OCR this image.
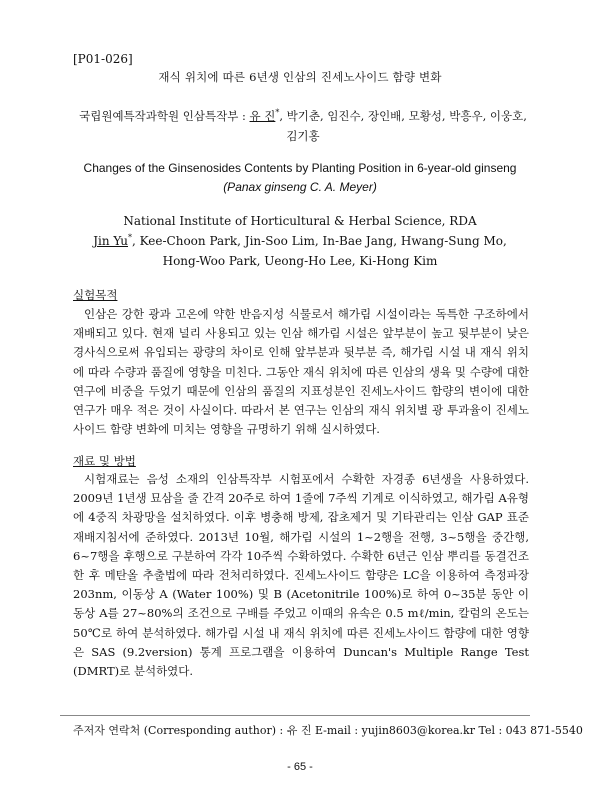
[P01-026]
재식 위치에 따른 6년생 인삼의 진세노사이드 함량 변화
국립원예특작과학원 인삼특작부 : 유 진*, 박기춘, 임진수, 장인배, 모황성, 박흥우, 이웅호, 김기홍
Changes of the Ginsenosides Contents by Planting Position in 6-year-old ginseng
(Panax ginseng C. A. Meyer)
National Institute of Horticultural & Herbal Science, RDA
Jin Yu*, Kee-Choon Park, Jin-Soo Lim, In-Bae Jang, Hwang-Sung Mo,
Hong-Woo Park, Ueong-Ho Lee, Ki-Hong Kim
실험목적

인삼은 강한 광과 고온에 약한 반음지성 식물로서 해가림 시설이라는 독특한 구조하에서 재배되고 있다. 현재 널리 사용되고 있는 인삼 해가림 시설은 앞부분이 높고 뒷부분이 낮은 경사식으로써 유입되는 광량의 차이로 인해 앞부분과 뒷부분 즉, 해가림 시설 내 재식 위치에 따라 수량과 품질에 영향을 미친다. 그동안 재식 위치에 따른 인삼의 생육 및 수량에 대한 연구에 비중을 두었기 때문에 인삼의 품질의 지표성분인 진세노사이드 함량의 변이에 대한 연구가 매우 적은 것이 사실이다. 따라서 본 연구는 인삼의 재식 위치별 광 투과율이 진세노사이드 함량 변화에 미치는 영향을 규명하기 위해 실시하였다.

재료 및 방법

시험재료는 음성 소재의 인삼특작부 시험포에서 수확한 자경종 6년생을 사용하였다. 2009년 1년생 묘삼을 줄 간격 20주로 하여 1줄에 7주씩 기계로 이식하였고, 해가림 A유형에 4중직 차광망을 설치하였다. 이후 병충해 방제, 잡초제거 및 기타관리는 인삼 GAP 표준재배지침서에 준하였다. 2013년 10월, 해가림 시설의 1~2행을 전행, 3~5행을 중간행, 6~7행을 후행으로 구분하여 각각 10주씩 수확하였다. 수확한 6년근 인삼 뿌리를 동결건조한 후 메탄올 추출법에 따라 전처리하였다. 진세노사이드 함량은 LC을 이용하여 측정파장 203nm, 이동상 A (Water 100%) 및 B (Acetonitrile 100%)로 하여 0~35분 동안 이동상 A를 27~80%의 조건으로 구배를 주었고 이때의 유속은 0.5 mℓ/min, 칼럼의 온도는 50℃로 하여 분석하였다. 해가림 시설 내 재식 위치에 따른 진세노사이드 함량에 대한 영향은 SAS (9.2version) 통계 프로그램을 이용하여 Duncan's Multiple Range Test (DMRT)로 분석하였다.

주저자 연락처 (Corresponding author) : 유 진 E-mail : yujin8603@korea.kr Tel : 043 871-5540
- 65 -
